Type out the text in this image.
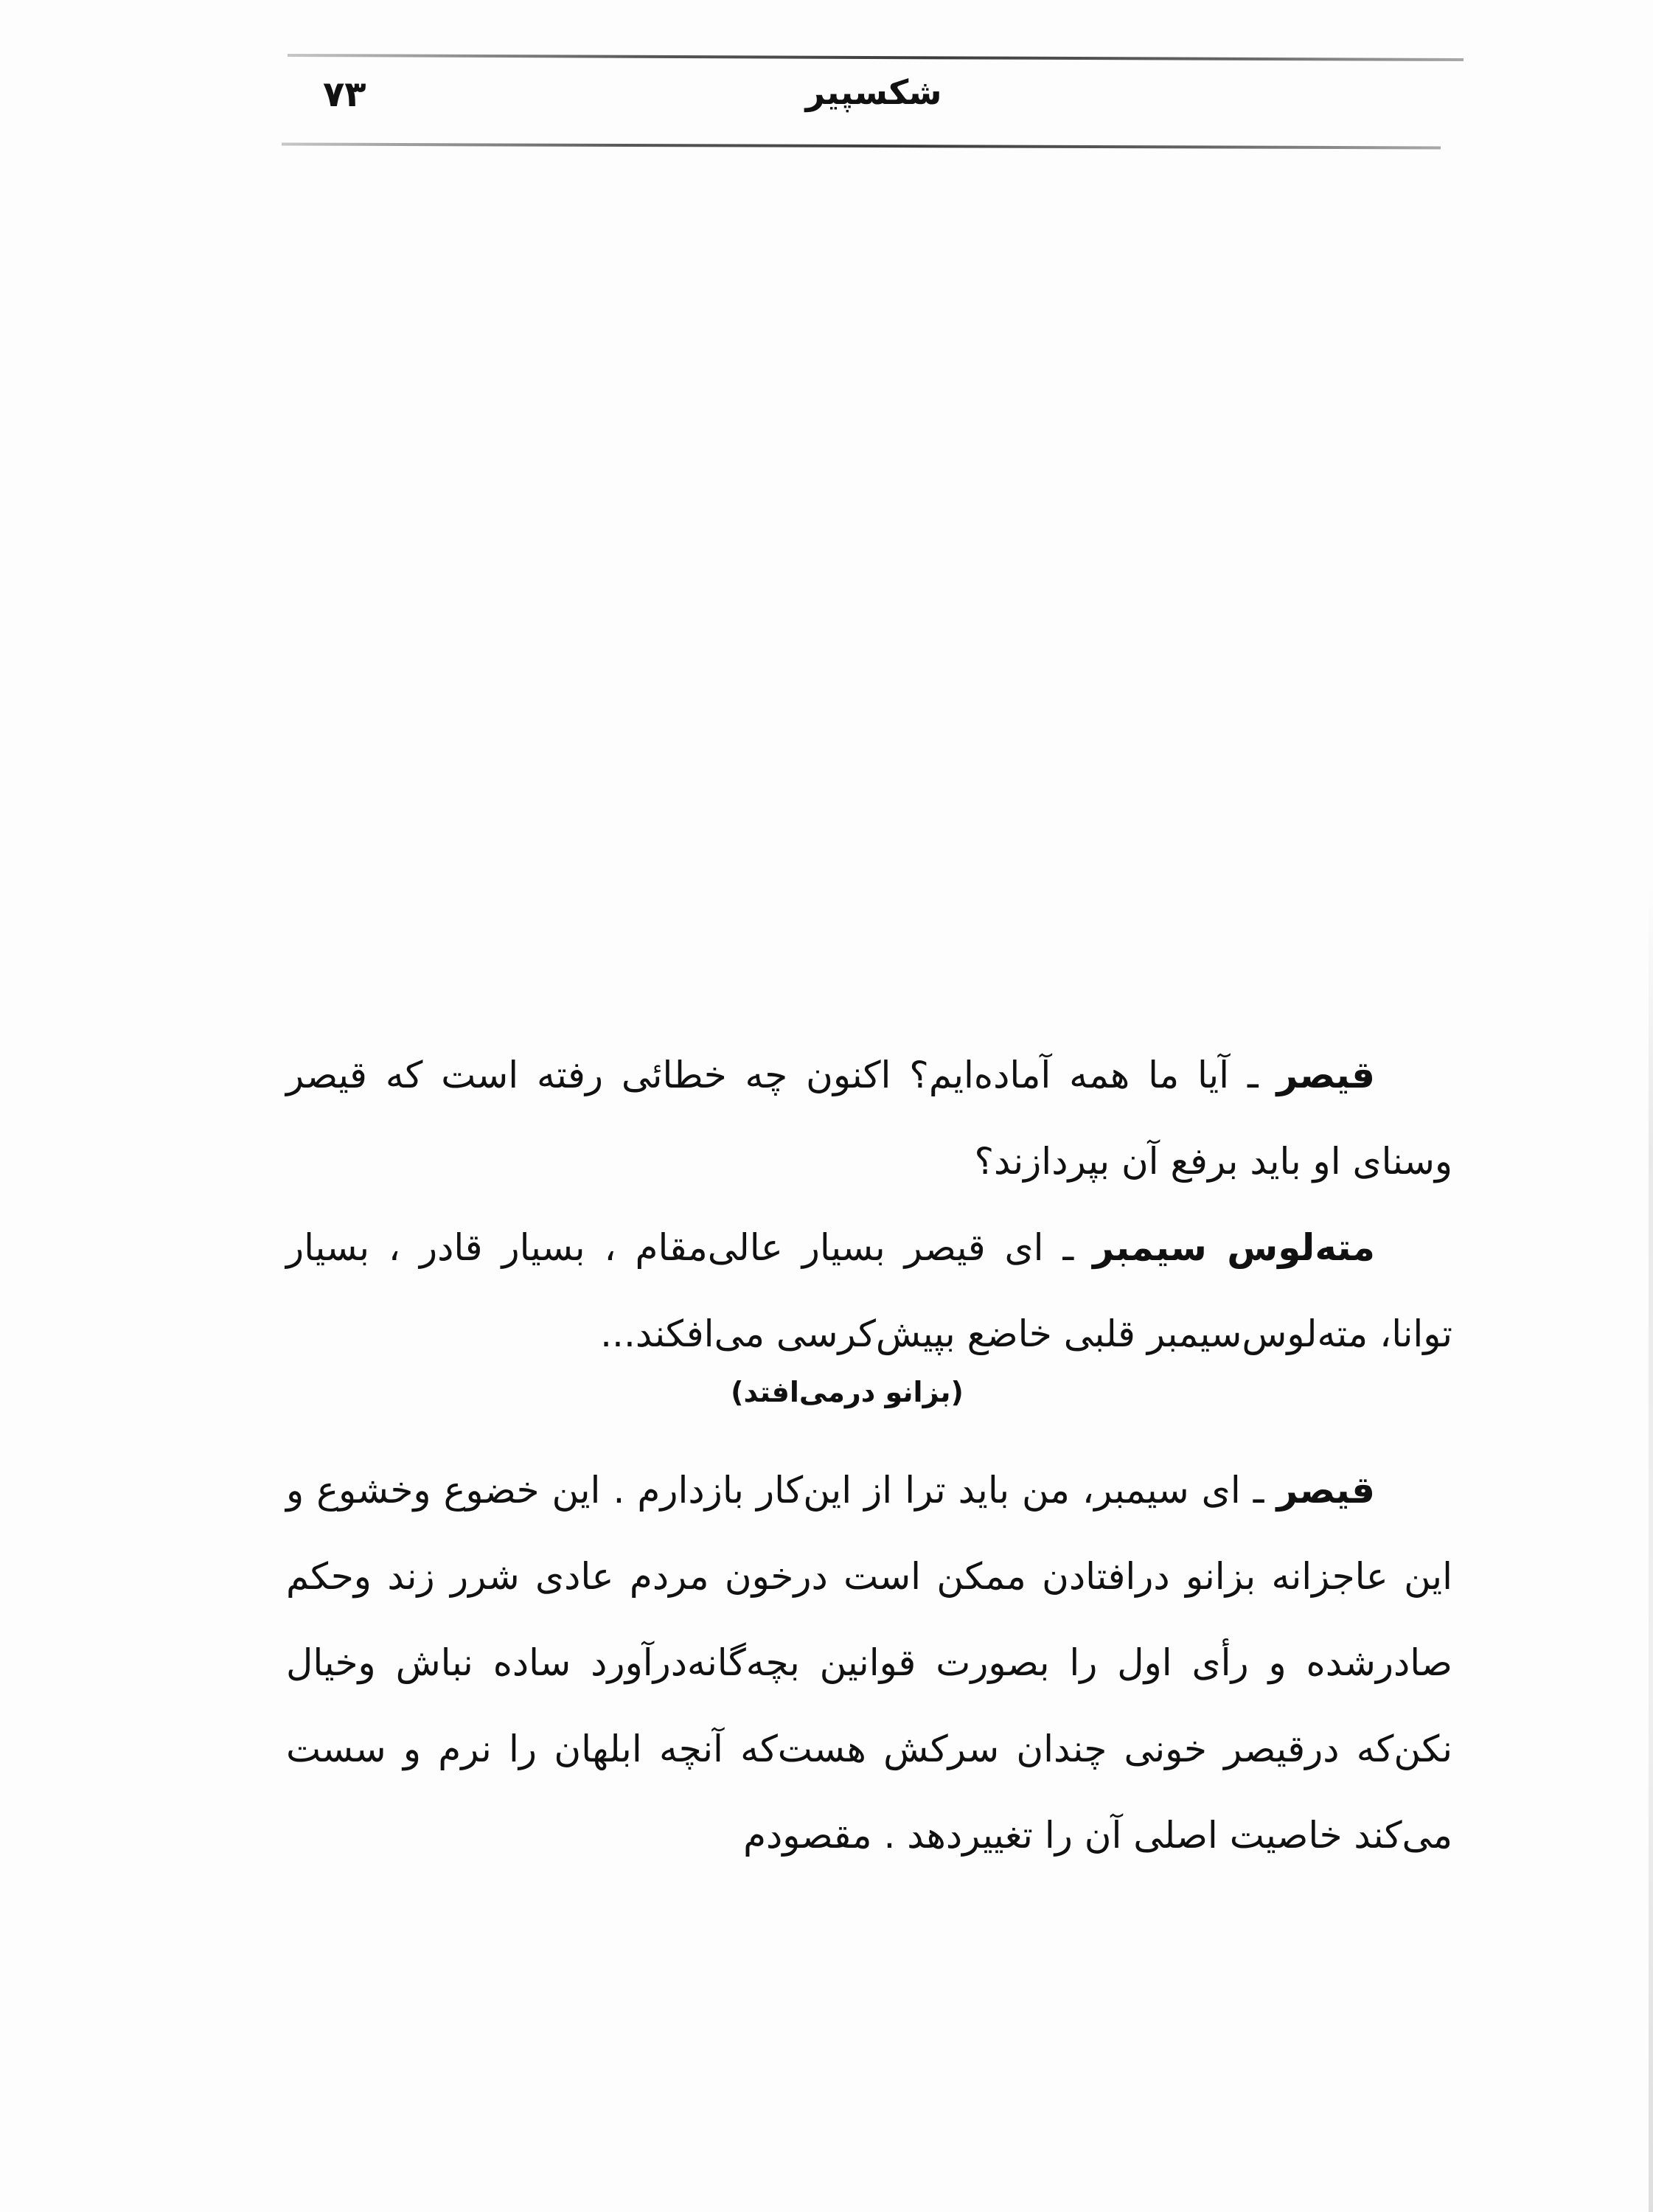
شکسپیر
۷۳

قیصر ـ آیا ما همه آماده‌ایم؟ اکنون چه خطائی رفته است که قیصر وسنای او باید برفع آن بپردازند؟

مته‌لوس سیمبر ـ ای قیصر بسیار عالی‌مقام ، بسیار قادر ، بسیار توانا، مته‌لوس‌سیمبر قلبی خاضع بپیش‌کرسی می‌افکند...

(بزانو درمی‌افتد)

قیصر ـ ای سیمبر، من باید ترا از این‌کار بازدارم . این خضوع وخشوع و این عاجزانه بزانو درافتادن ممکن است درخون مردم عادی شرر زند وحکم صادرشده و رأی اول را بصورت قوانین بچه‌گانه‌درآورد ساده نباش وخیال نکن‌که درقیصر خونی چندان سرکش هست‌که آنچه ابلهان را نرم و سست می‌کند خاصیت اصلی آن را تغییردهد . مقصودم
